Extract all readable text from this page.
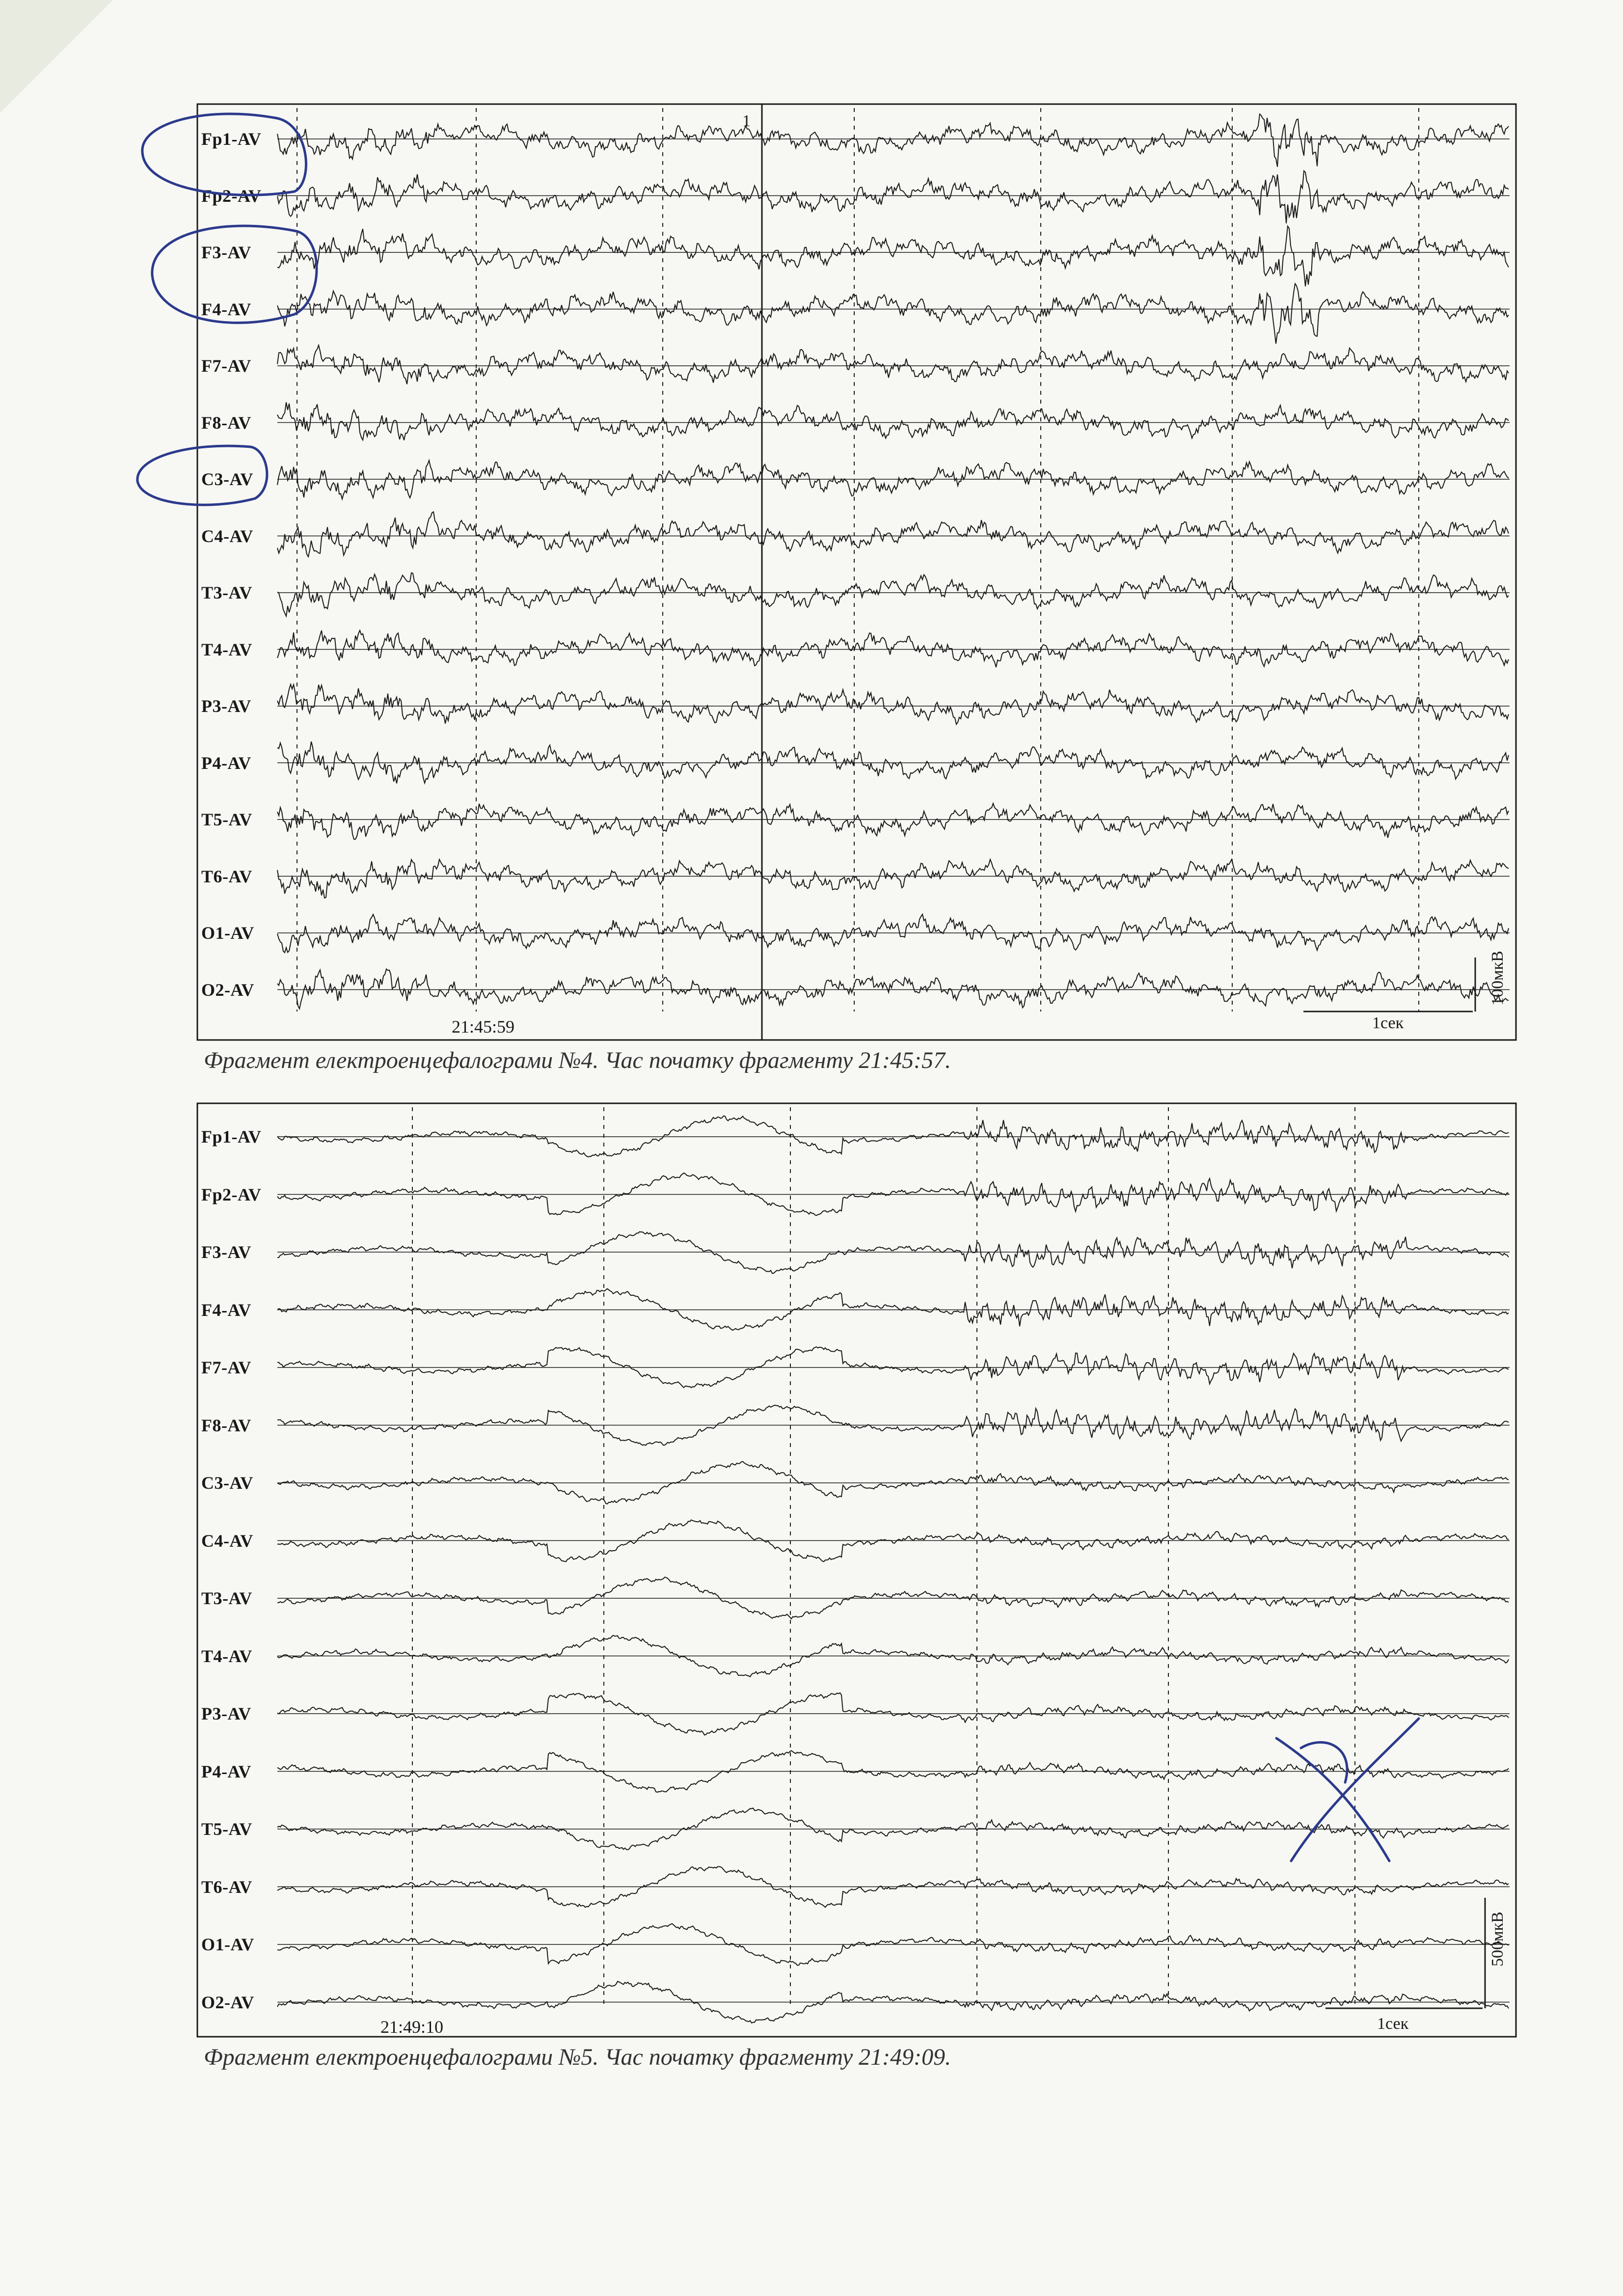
Fp1-AV
Fp2-AV
F3-AV
F4-AV
F7-AV
F8-AV
C3-AV
C4-AV
T3-AV
T4-AV
P3-AV
P4-AV
T5-AV
T6-AV
O1-AV
O2-AV
21:45:59	1сек
100мкВ
1
Фрагмент електроенцефалограми №4. Час початку фрагменту 21:45:57.
Fp1-AV
Fp2-AV
F3-AV
F4-AV
F7-AV
F8-AV
C3-AV
C4-AV
T3-AV
T4-AV
P3-AV
P4-AV
T5-AV
T6-AV
O1-AV
O2-AV
21:49:10	1сек
500мкВ
Фрагмент електроенцефалограми №5. Час початку фрагменту 21:49:09.
